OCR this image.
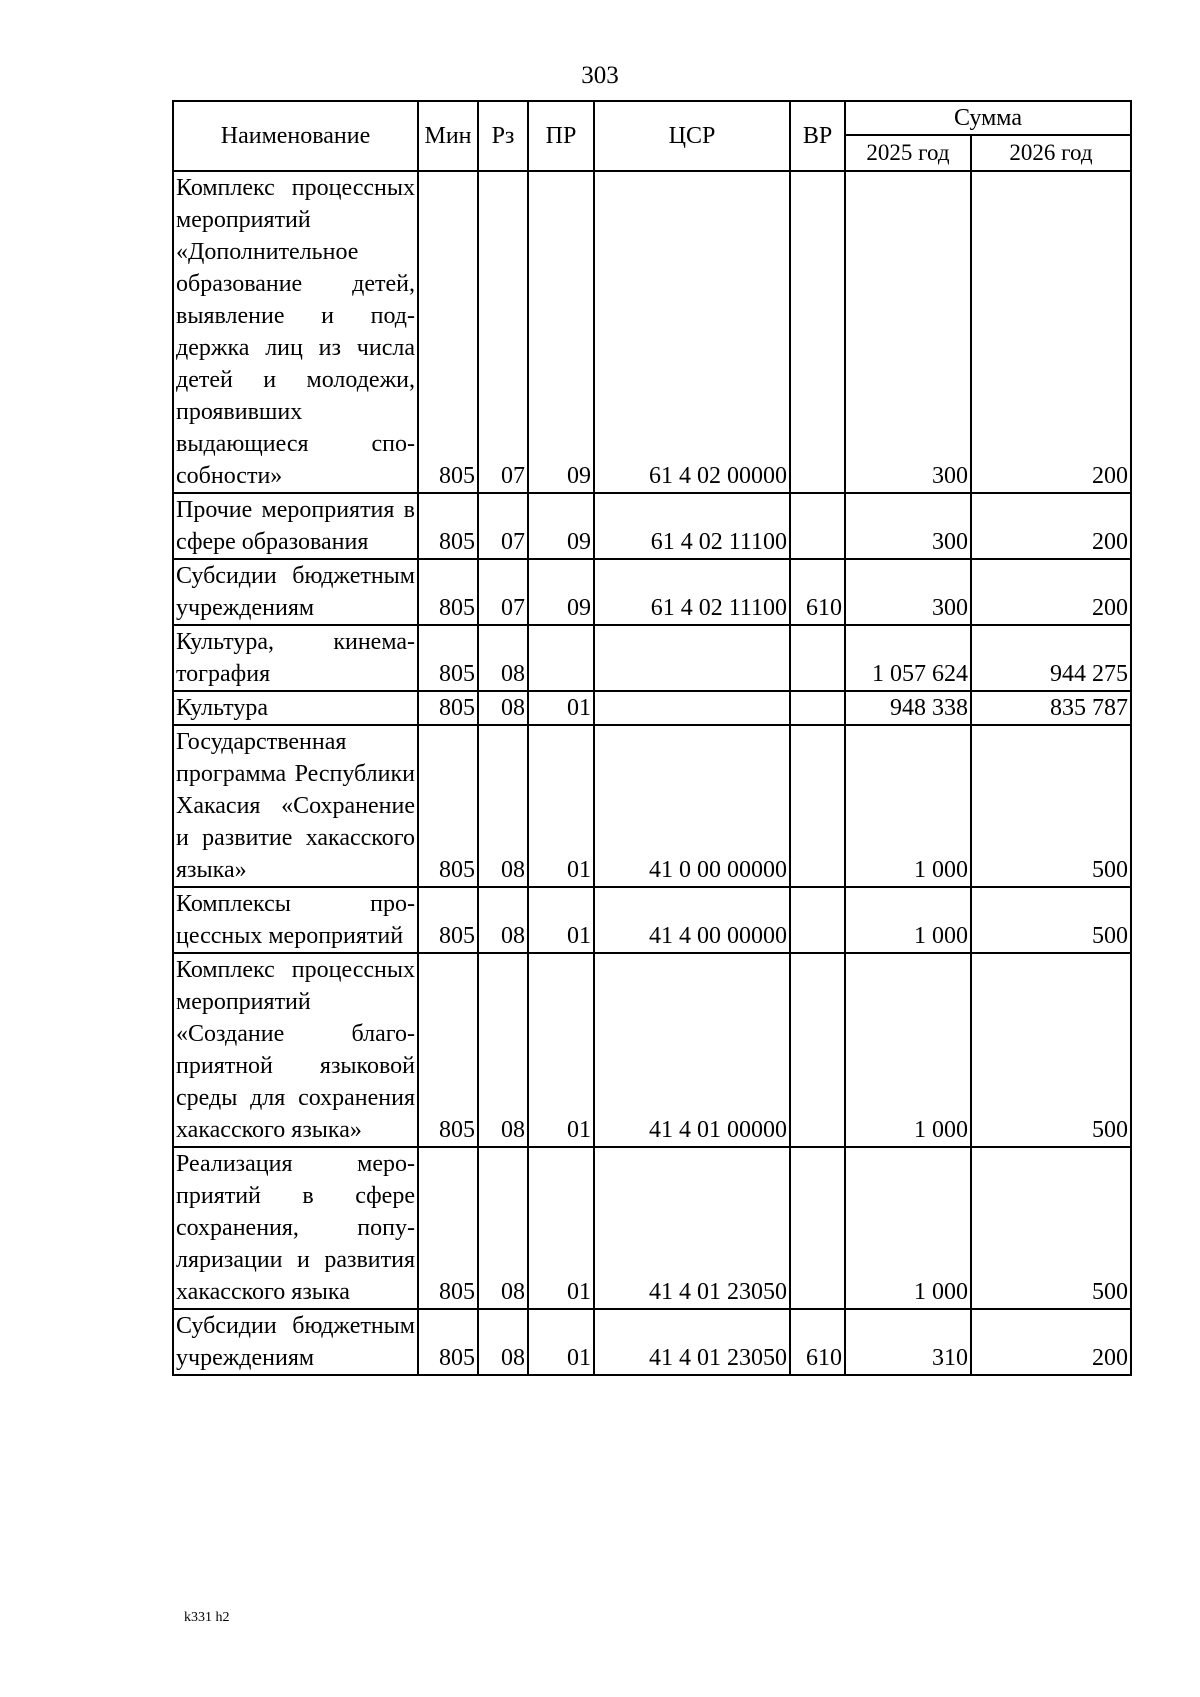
303
Наименование	Мин	Рз	ПР	ЦСР	ВР	Сумма	
						2025 год	2026 год
Комплекс процессных мероприятий «Дополнительное образование детей, выявление и поддержка лиц из числа детей и молодежи, проявивших выдающиеся способности»	805	07	09	61 4 02 00000		300	200
Прочие мероприятия в сфере образования	805	07	09	61 4 02 11100		300	200
Субсидии бюджетным учреждениям	805	07	09	61 4 02 11100	610	300	200
Культура, кинематография	805	08				1 057 624	944 275
Культура	805	08	01			948 338	835 787
Государственная программа Республики Хакасия «Сохранение и развитие хакасского языка»	805	08	01	41 0 00 00000		1 000	500
Комплексы процессных мероприятий	805	08	01	41 4 00 00000		1 000	500
Комплекс процессных мероприятий «Создание благоприятной языковой среды для сохранения хакасского языка»	805	08	01	41 4 01 00000		1 000	500
Реализация мероприятий в сфере сохранения, популяризации и развития хакасского языка	805	08	01	41 4 01 23050		1 000	500
Субсидии бюджетным учреждениям	805	08	01	41 4 01 23050	610	310	200
k331 h2
